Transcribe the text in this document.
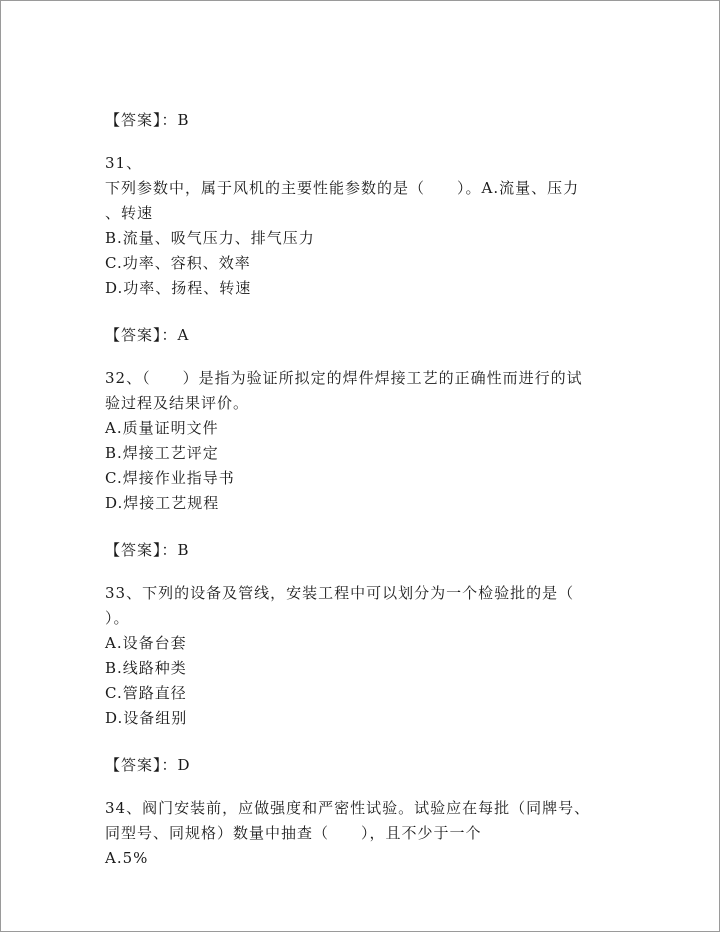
【答案】：B
31、
下列参数中，属于风机的主要性能参数的是（　　）。A.流量、压力
、转速
B.流量、吸气压力、排气压力
C.功率、容积、效率
D.功率、扬程、转速
【答案】：A
32、（　　）是指为验证所拟定的焊件焊接工艺的正确性而进行的试
验过程及结果评价。
A.质量证明文件
B.焊接工艺评定
C.焊接作业指导书
D.焊接工艺规程
【答案】：B
33、下列的设备及管线，安装工程中可以划分为一个检验批的是（
）。
A.设备台套
B.线路种类
C.管路直径
D.设备组别
【答案】：D
34、阀门安装前，应做强度和严密性试验。试验应在每批（同牌号、
同型号、同规格）数量中抽查（　　），且不少于一个
A.5%
